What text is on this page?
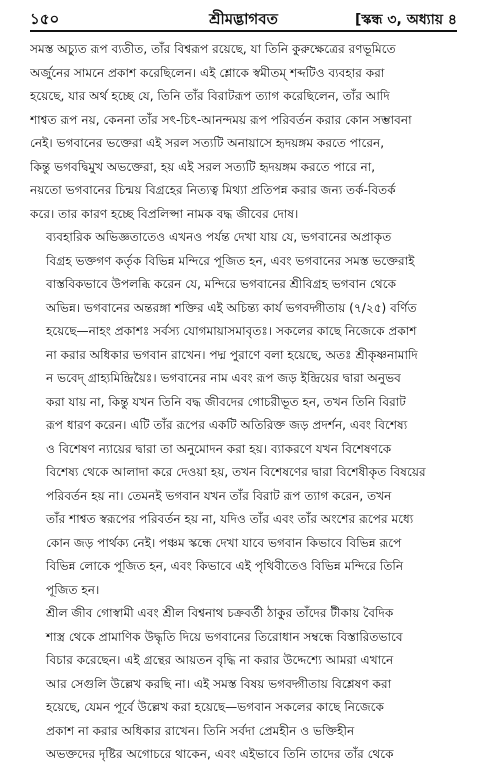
১৫০	শ্রীমদ্ভাগবত	[স্কন্ধ ৩, অধ্যায় ৪
সমস্ত অচ্যুত রূপ ব্যতীত, তাঁর বিশ্বরূপ রয়েছে, যা তিনি কুরুক্ষেত্রের রণভূমিতে
অর্জুনের সামনে প্রকাশ করেছিলেন। এই শ্লোকে স্বমীতম্ শব্দটিও ব্যবহার করা
হয়েছে, যার অর্থ হচ্ছে যে, তিনি তাঁর বিরাটরূপ ত্যাগ করেছিলেন, তাঁর আদি
শাশ্বত রূপ নয়, কেননা তাঁর সৎ-চিৎ-আনন্দময় রূপ পরিবর্তন করার কোন সম্ভাবনা
নেই। ভগবানের ভক্তেরা এই সরল সত্যটি অনায়াসে হৃদয়ঙ্গম করতে পারেন,
কিন্তু ভগবদ্বিমুখ অভক্তেরা, হয় এই সরল সত্যটি হৃদয়ঙ্গম করতে পারে না,
নয়তো ভগবানের চিন্ময় বিগ্রহের নিত্যত্ব মিথ্যা প্রতিপন্ন করার জন্য তর্ক-বিতর্ক
করে। তার কারণ হচ্ছে বিপ্রলিপ্সা নামক বদ্ধ জীবের দোষ।
ব্যবহারিক অভিজ্ঞতাতেও এখনও পর্যন্ত দেখা যায় যে, ভগবানের অপ্রাকৃত
বিগ্রহ ভক্তগণ কর্তৃক বিভিন্ন মন্দিরে পূজিত হন, এবং ভগবানের সমস্ত ভক্তেরাই
বাস্তবিকভাবে উপলব্ধি করেন যে, মন্দিরে ভগবানের শ্রীবিগ্রহ ভগবান থেকে
অভিন্ন। ভগবানের অন্তরঙ্গা শক্তির এই অচিন্ত্য কার্য ভগবদ্গীতায় (৭/২৫) বর্ণিত
হয়েছে—নাহং প্রকাশঃ সর্বস্য যোগমায়াসমাবৃতঃ। সকলের কাছে নিজেকে প্রকাশ
না করার অধিকার ভগবান রাখেন। পদ্ম পুরাণে বলা হয়েছে, অতঃ শ্রীকৃষ্ণনামাদি
ন ভবেদ্ গ্রাহ্যমিন্দ্রিয়ৈঃ। ভগবানের নাম এবং রূপ জড় ইন্দ্রিয়ের দ্বারা অনুভব
করা যায় না, কিন্তু যখন তিনি বদ্ধ জীবদের গোচরীভূত হন, তখন তিনি বিরাট
রূপ ধারণ করেন। এটি তাঁর রূপের একটি অতিরিক্ত জড় প্রদর্শন, এবং বিশেষ্য
ও বিশেষণ ন্যায়ের দ্বারা তা অনুমোদন করা হয়। ব্যাকরণে যখন বিশেষণকে
বিশেষ্য থেকে আলাদা করে দেওয়া হয়, তখন বিশেষণের দ্বারা বিশেষীকৃত বিষয়ের
পরিবর্তন হয় না। তেমনই ভগবান যখন তাঁর বিরাট রূপ ত্যাগ করেন, তখন
তাঁর শাশ্বত স্বরূপের পরিবর্তন হয় না, যদিও তাঁর এবং তাঁর অংশের রূপের মধ্যে
কোন জড় পার্থক্য নেই। পঞ্চম স্কন্ধে দেখা যাবে ভগবান কিভাবে বিভিন্ন রূপে
বিভিন্ন লোকে পূজিত হন, এবং কিভাবে এই পৃথিবীতেও বিভিন্ন মন্দিরে তিনি
পূজিত হন।
শ্রীল জীব গোস্বামী এবং শ্রীল বিশ্বনাথ চক্রবর্তী ঠাকুর তাঁদের টীকায় বৈদিক
শাস্ত্র থেকে প্রামাণিক উদ্ধৃতি দিয়ে ভগবানের তিরোধান সম্বন্ধে বিস্তারিতভাবে
বিচার করেছেন। এই গ্রন্থের আয়তন বৃদ্ধি না করার উদ্দেশ্যে আমরা এখানে
আর সেগুলি উল্লেখ করছি না। এই সমস্ত বিষয় ভগবদ্গীতায় বিশ্লেষণ করা
হয়েছে, যেমন পূর্বে উল্লেখ করা হয়েছে—ভগবান সকলের কাছে নিজেকে
প্রকাশ না করার অধিকার রাখেন। তিনি সর্বদা প্রেমহীন ও ভক্তিহীন
অভক্তদের দৃষ্টির অগোচরে থাকেন, এবং এইভাবে তিনি তাদের তাঁর থেকে
